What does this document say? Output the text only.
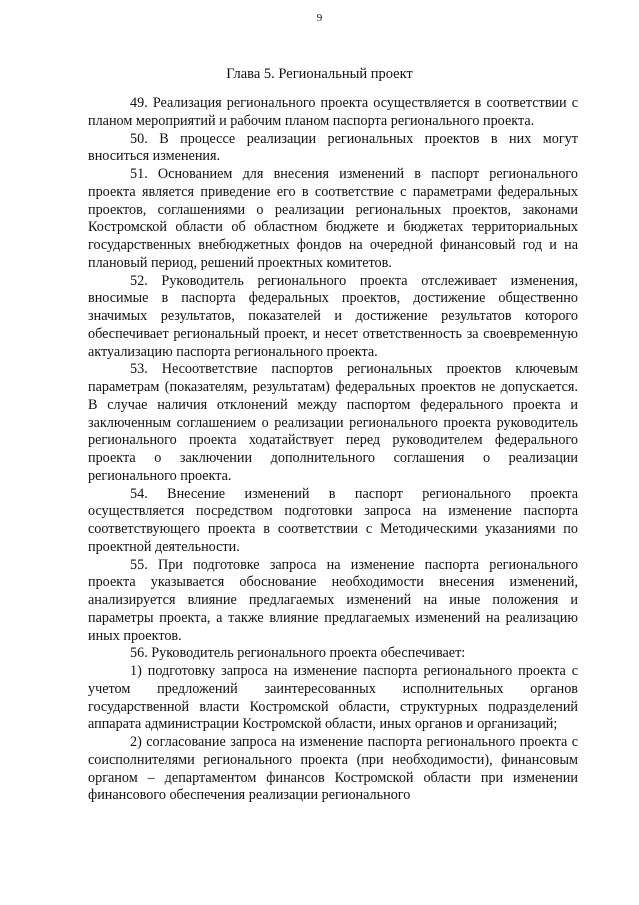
9
Глава 5. Региональный проект

49. Реализация регионального проекта осуществляется в соответствии с планом мероприятий и рабочим планом паспорта регионального проекта.

50. В процессе реализации региональных проектов в них могут вноситься изменения.

51. Основанием для внесения изменений в паспорт регионального проекта является приведение его в соответствие с параметрами федеральных проектов, соглашениями о реализации региональных проектов, законами Костромской области об областном бюджете и бюджетах территориальных государственных внебюджетных фондов на очередной финансовый год и на плановый период, решений проектных комитетов.

52. Руководитель регионального проекта отслеживает изменения, вносимые в паспорта федеральных проектов, достижение общественно значимых результатов, показателей и достижение результатов которого обеспечивает региональный проект, и несет ответственность за своевременную актуализацию паспорта регионального проекта.

53. Несоответствие паспортов региональных проектов ключевым параметрам (показателям, результатам) федеральных проектов не допускается. В случае наличия отклонений между паспортом федерального проекта и заключенным соглашением о реализации регионального проекта руководитель регионального проекта ходатайствует перед руководителем федерального проекта о заключении дополнительного соглашения о реализации регионального проекта.

54. Внесение изменений в паспорт регионального проекта осуществляется посредством подготовки запроса на изменение паспорта соответствующего проекта в соответствии с Методическими указаниями по проектной деятельности.

55. При подготовке запроса на изменение паспорта регионального проекта указывается обоснование необходимости внесения изменений, анализируется влияние предлагаемых изменений на иные положения и параметры проекта, а также влияние предлагаемых изменений на реализацию иных проектов.

56. Руководитель регионального проекта обеспечивает:

1) подготовку запроса на изменение паспорта регионального проекта с учетом предложений заинтересованных исполнительных органов государственной власти Костромской области, структурных подразделений аппарата администрации Костромской области, иных органов и организаций;

2) согласование запроса на изменение паспорта регионального проекта с соисполнителями регионального проекта (при необходимости), финансовым органом – департаментом финансов Костромской области при изменении финансового обеспечения реализации регионального
